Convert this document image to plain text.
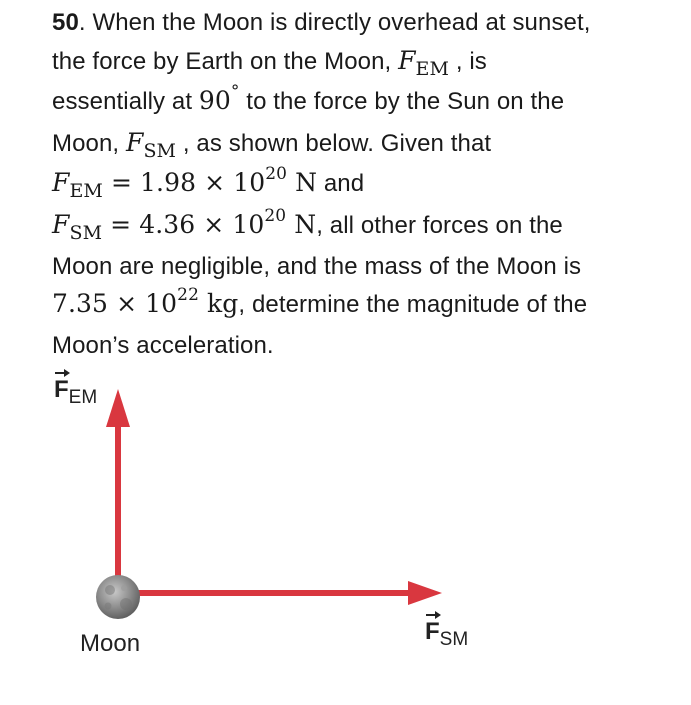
50. When the Moon is directly overhead at sunset,
the force by Earth on the Moon, $F_{EM}$ , is
essentially at 90° to the force by the Sun on the
Moon, $F_{SM}$ , as shown below. Given that
$F_{EM} = 1.98 \times 10^{20}$ N and
$F_{SM} = 4.36 \times 10^{20}$ N, all other forces on the
Moon are negligible, and the mass of the Moon is
$7.35 \times 10^{22}$ kg, determine the magnitude of the
Moon’s acceleration.
$F_{EM}$
$F_{SM}$
Moon
